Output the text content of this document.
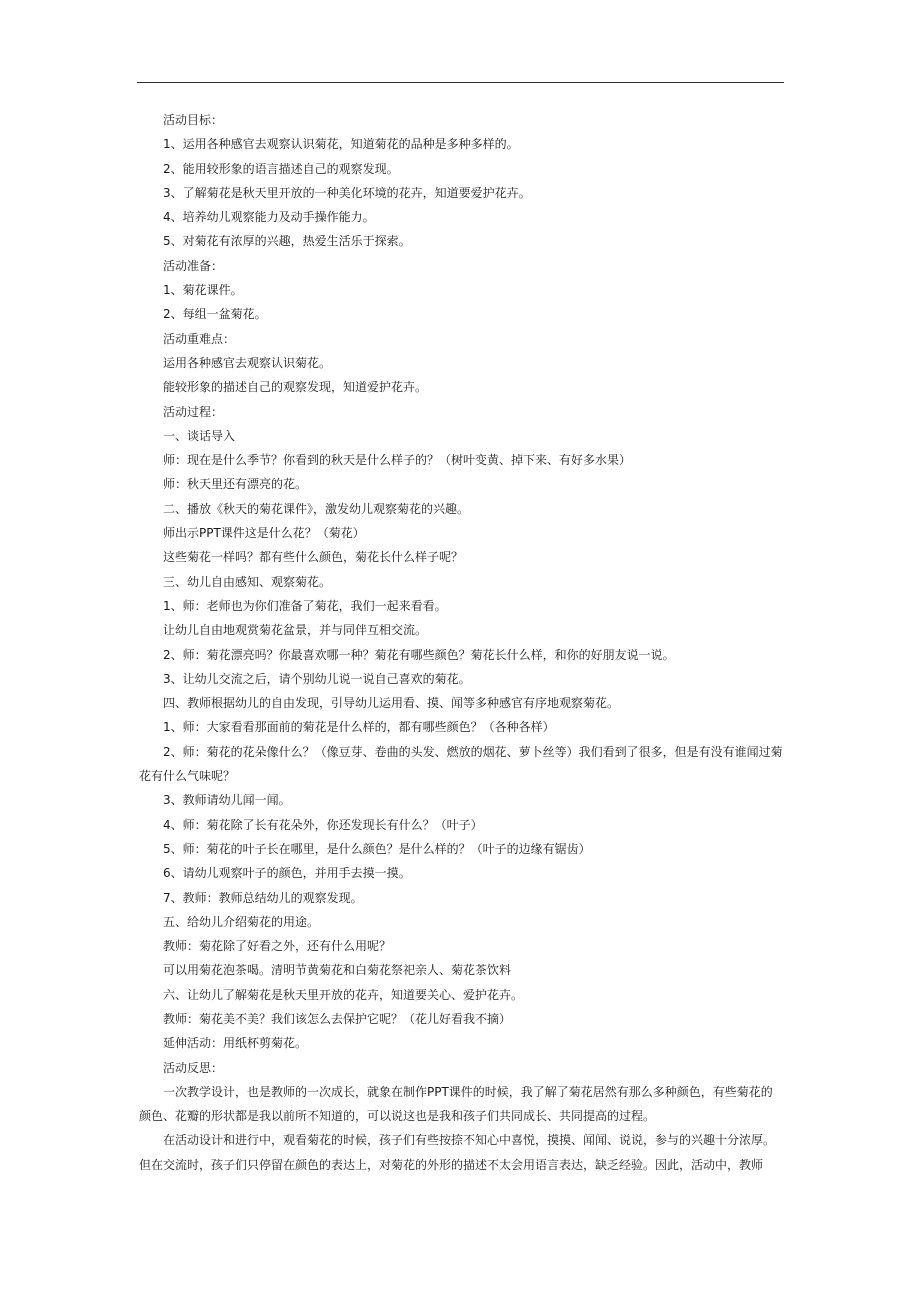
活动目标：

1、运用各种感官去观察认识菊花，知道菊花的品种是多种多样的。

2、能用较形象的语言描述自己的观察发现。

3、了解菊花是秋天里开放的一种美化环境的花卉，知道要爱护花卉。

4、培养幼儿观察能力及动手操作能力。

5、对菊花有浓厚的兴趣，热爱生活乐于探索。

活动准备：

1、菊花课件。

2、每组一盆菊花。

活动重难点：

运用各种感官去观察认识菊花。

能较形象的描述自己的观察发现，知道爱护花卉。

活动过程：

一、谈话导入

师：现在是什么季节？你看到的秋天是什么样子的？（树叶变黄、掉下来、有好多水果）

师：秋天里还有漂亮的花。

二、播放《秋天的菊花课件》，激发幼儿观察菊花的兴趣。

师出示PPT课件这是什么花？（菊花）

这些菊花一样吗？都有些什么颜色，菊花长什么样子呢？

三、幼儿自由感知、观察菊花。

1、师：老师也为你们准备了菊花，我们一起来看看。

让幼儿自由地观赏菊花盆景，并与同伴互相交流。

2、师：菊花漂亮吗？你最喜欢哪一种？菊花有哪些颜色？菊花长什么样，和你的好朋友说一说。

3、让幼儿交流之后，请个别幼儿说一说自己喜欢的菊花。

四、教师根据幼儿的自由发现，引导幼儿运用看、摸、闻等多种感官有序地观察菊花。

1、师：大家看看那面前的菊花是什么样的，都有哪些颜色？（各种各样）

2、师：菊花的花朵像什么？（像豆芽、卷曲的头发、燃放的烟花、萝卜丝等）我们看到了很多，但是有没有谁闻过菊花有什么气味呢？

3、教师请幼儿闻一闻。

4、师：菊花除了长有花朵外，你还发现长有什么？（叶子）

5、师：菊花的叶子长在哪里，是什么颜色？是什么样的？（叶子的边缘有锯齿）

6、请幼儿观察叶子的颜色，并用手去摸一摸。

7、教师：教师总结幼儿的观察发现。

五、给幼儿介绍菊花的用途。

教师：菊花除了好看之外，还有什么用呢？

可以用菊花泡茶喝。清明节黄菊花和白菊花祭祀亲人、菊花茶饮料

六、让幼儿了解菊花是秋天里开放的花卉，知道要关心、爱护花卉。

教师：菊花美不美？我们该怎么去保护它呢？（花儿好看我不摘）

延伸活动：用纸杯剪菊花。

活动反思：

一次教学设计，也是教师的一次成长，就象在制作PPT课件的时候，我了解了菊花居然有那么多种颜色，有些菊花的颜色、花瓣的形状都是我以前所不知道的，可以说这也是我和孩子们共同成长、共同提高的过程。

在活动设计和进行中，观看菊花的时候，孩子们有些按捺不知心中喜悦，摸摸、闻闻、说说，参与的兴趣十分浓厚。但在交流时，孩子们只停留在颜色的表达上，对菊花的外形的描述不太会用语言表达，缺乏经验。因此，活动中，教师
